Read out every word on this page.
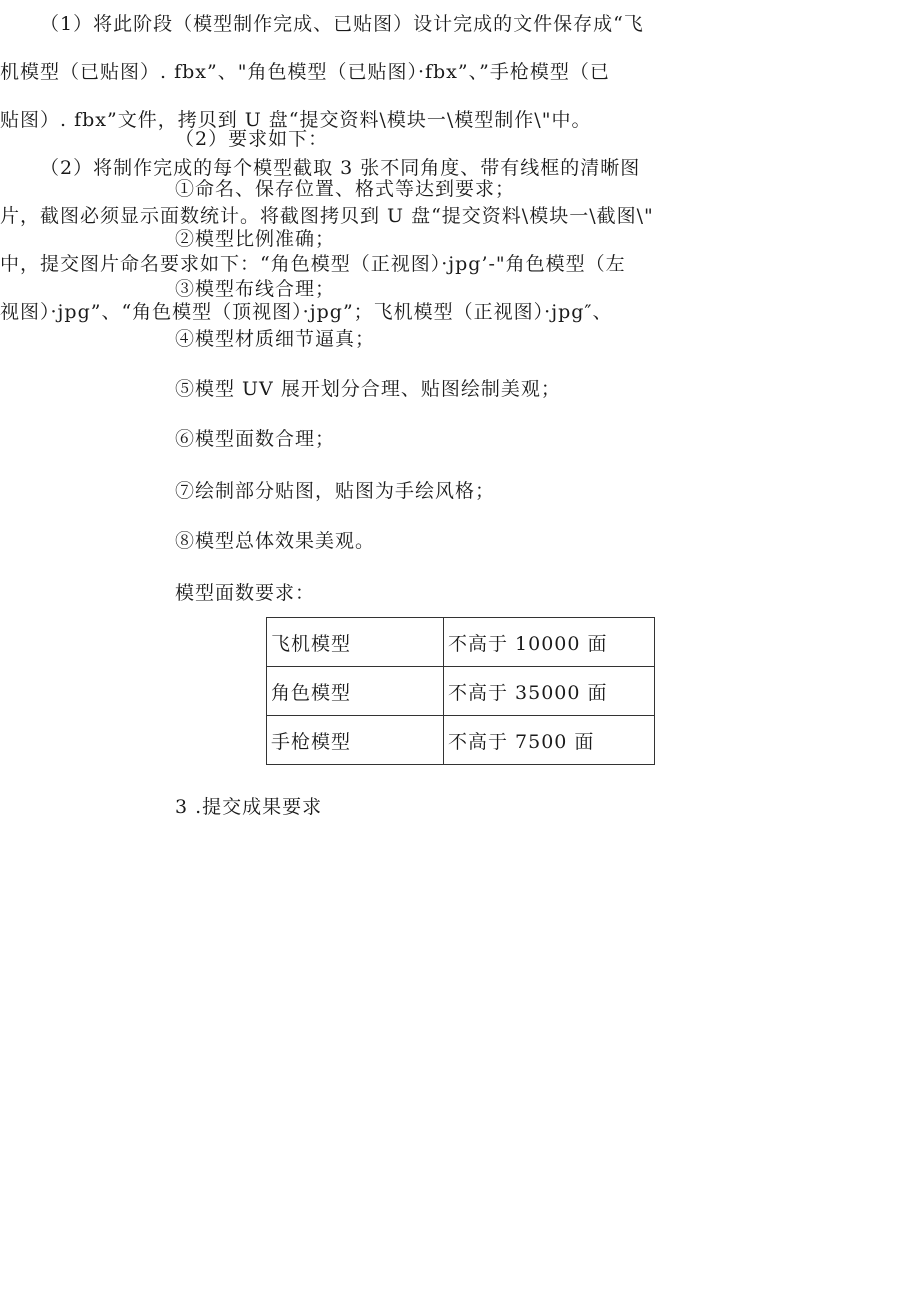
（2）要求如下：
①命名、保存位置、格式等达到要求；
②模型比例准确；
③模型布线合理；
④模型材质细节逼真；
⑤模型 UV 展开划分合理、贴图绘制美观；
⑥模型面数合理；
⑦绘制部分贴图，贴图为手绘风格；
⑧模型总体效果美观。
模型面数要求：
飞机模型	不高于 10000 面
角色模型	不高于 35000 面
手枪模型	不高于 7500 面
3 .提交成果要求

（1）将此阶段（模型制作完成、已贴图）设计完成的文件保存成“飞

机模型（已贴图）. fbx”、"角色模型（已贴图）·fbx”、”手枪模型（已

贴图）. fbx”文件，拷贝到 U 盘“提交资料\模块一\模型制作\"中。

（2）将制作完成的每个模型截取 3 张不同角度、带有线框的清晰图

片，截图必须显示面数统计。将截图拷贝到 U 盘“提交资料\模块一\截图\"

中，提交图片命名要求如下：“角色模型（正视图）·jpg’-"角色模型（左

视图）·jpg”、“角色模型（顶视图）·jpg”；飞机模型（正视图）·jpg″、
